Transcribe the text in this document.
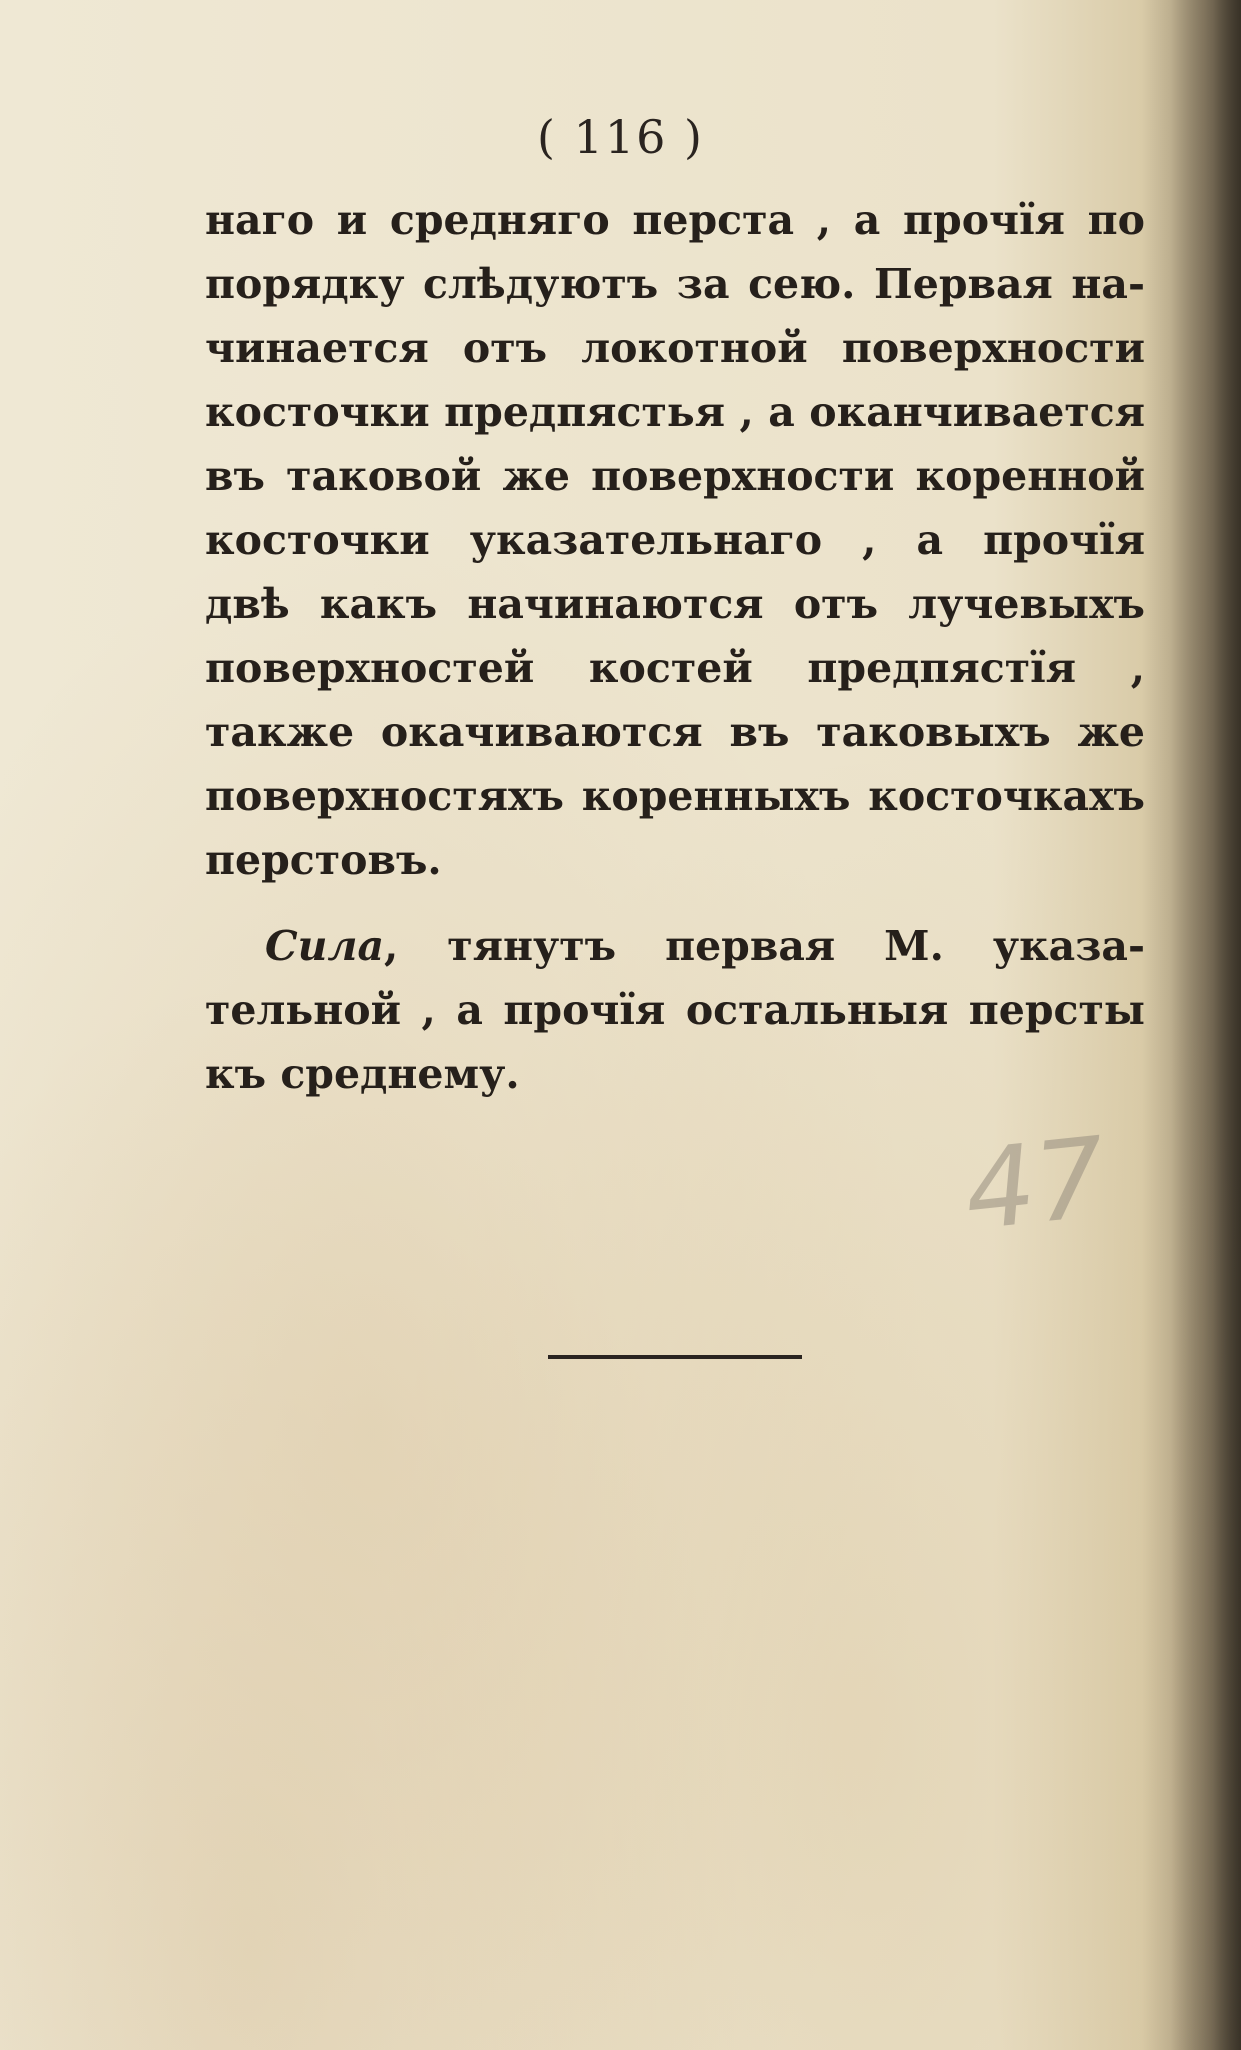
( 116 )
наго и средняго перста , а прочїя по
порядку слѣдуютъ за сею. Первая на-
чинается отъ локотной поверхности
косточки предпястья , а оканчивается
въ таковой же поверхности коренной
косточки указательнаго , а прочїя
двѣ какъ начинаются отъ лучевыхъ
поверхностей костей предпястїя ,
также окачиваются въ таковыхъ же
поверхностяхъ коренныхъ косточкахъ
перстовъ.
Сила, тянутъ первая М. указа-
тельной , а прочїя остальныя персты
къ среднему.
47
